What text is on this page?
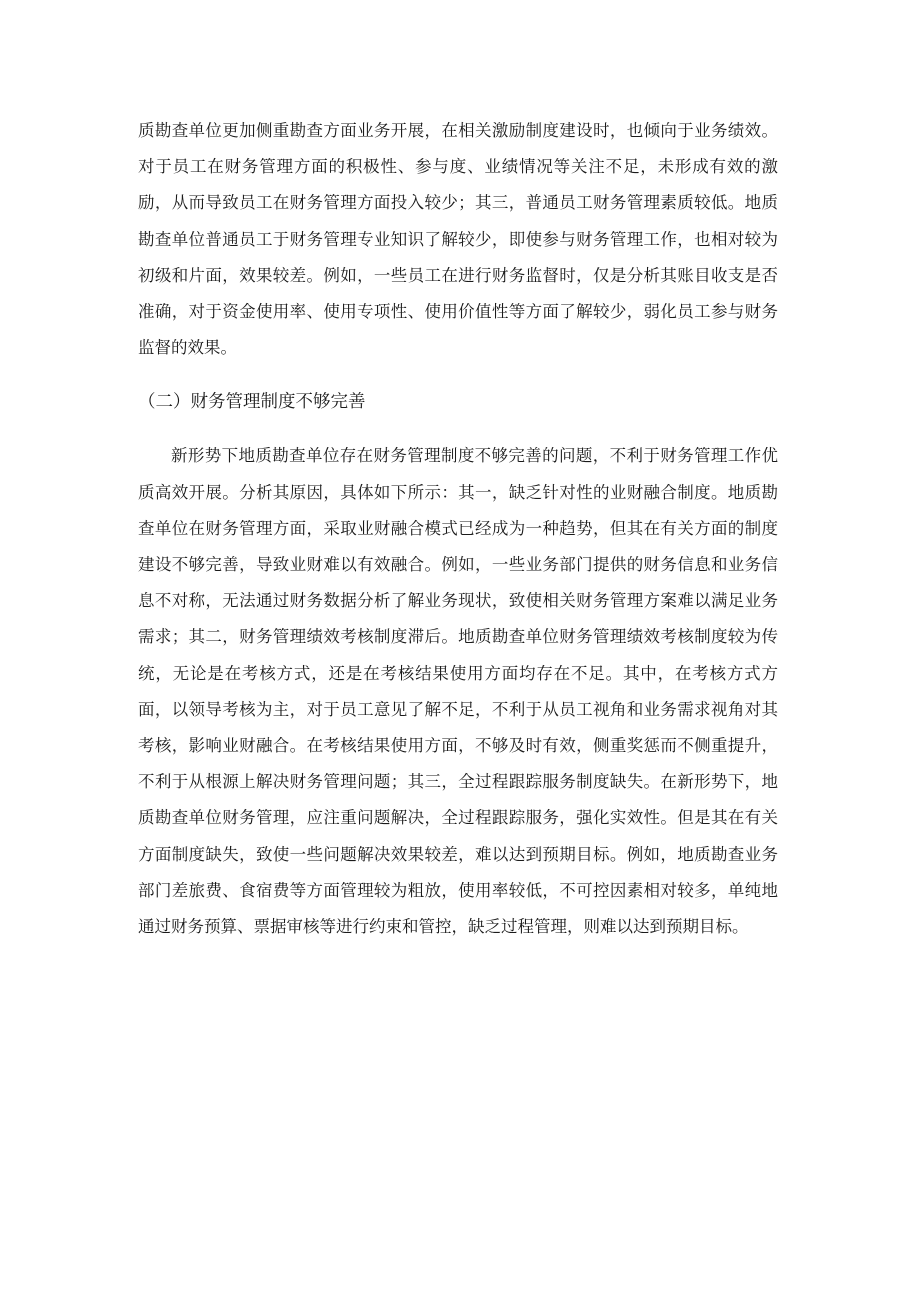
质勘查单位更加侧重勘查方面业务开展，在相关激励制度建设时，也倾向于业务绩效。对于员工在财务管理方面的积极性、参与度、业绩情况等关注不足，未形成有效的激励，从而导致员工在财务管理方面投入较少；其三，普通员工财务管理素质较低。地质勘查单位普通员工于财务管理专业知识了解较少，即使参与财务管理工作，也相对较为初级和片面，效果较差。例如，一些员工在进行财务监督时，仅是分析其账目收支是否准确，对于资金使用率、使用专项性、使用价值性等方面了解较少，弱化员工参与财务监督的效果。

（二）财务管理制度不够完善

新形势下地质勘查单位存在财务管理制度不够完善的问题，不利于财务管理工作优质高效开展。分析其原因，具体如下所示：其一，缺乏针对性的业财融合制度。地质勘查单位在财务管理方面，采取业财融合模式已经成为一种趋势，但其在有关方面的制度建设不够完善，导致业财难以有效融合。例如，一些业务部门提供的财务信息和业务信息不对称，无法通过财务数据分析了解业务现状，致使相关财务管理方案难以满足业务需求；其二，财务管理绩效考核制度滞后。地质勘查单位财务管理绩效考核制度较为传统，无论是在考核方式，还是在考核结果使用方面均存在不足。其中，在考核方式方面，以领导考核为主，对于员工意见了解不足，不利于从员工视角和业务需求视角对其考核，影响业财融合。在考核结果使用方面，不够及时有效，侧重奖惩而不侧重提升，不利于从根源上解决财务管理问题；其三，全过程跟踪服务制度缺失。在新形势下，地质勘查单位财务管理，应注重问题解决，全过程跟踪服务，强化实效性。但是其在有关方面制度缺失，致使一些问题解决效果较差，难以达到预期目标。例如，地质勘查业务部门差旅费、食宿费等方面管理较为粗放，使用率较低，不可控因素相对较多，单纯地通过财务预算、票据审核等进行约束和管控，缺乏过程管理，则难以达到预期目标。
